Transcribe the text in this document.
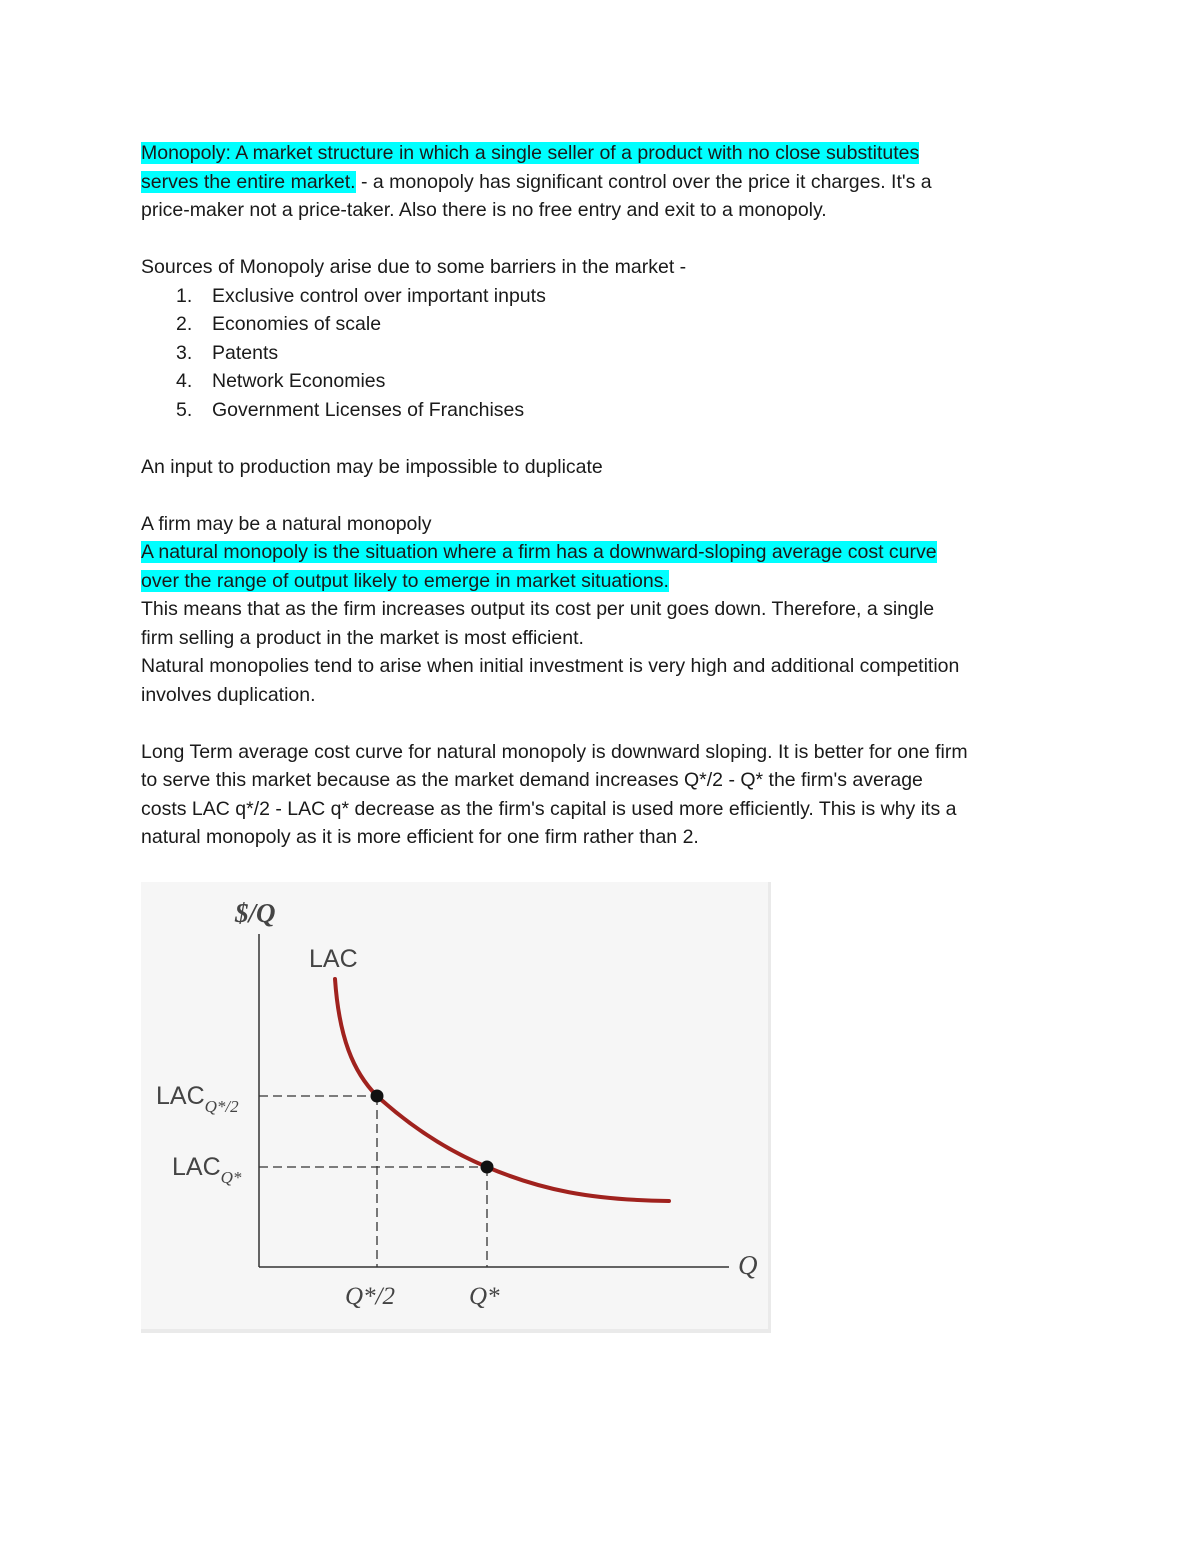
Monopoly: A market structure in which a single seller of a product with no close substitutes
serves the entire market. - a monopoly has significant control over the price it charges. It's a
price-maker not a price-taker. Also there is no free entry and exit to a monopoly.

Sources of Monopoly arise due to some barriers in the market -

1. Exclusive control over important inputs
2. Economies of scale
3. Patents
4. Network Economies
5. Government Licenses of Franchises

An input to production may be impossible to duplicate

A firm may be a natural monopoly

A natural monopoly is the situation where a firm has a downward-sloping average cost curve
over the range of output likely to emerge in market situations.

This means that as the firm increases output its cost per unit goes down. Therefore, a single
firm selling a product in the market is most efficient.

Natural monopolies tend to arise when initial investment is very high and additional competition
involves duplication.

Long Term average cost curve for natural monopoly is downward sloping. It is better for one firm
to serve this market because as the market demand increases Q*/2 - Q* the firm's average
costs LAC q*/2 - LAC q* decrease as the firm's capital is used more efficiently. This is why its a
natural monopoly as it is more efficient for one firm rather than 2.

$/Q
LAC
$LAC_{Q*/2}$
$LAC_{Q*}$
Q
Q*/2	Q*
